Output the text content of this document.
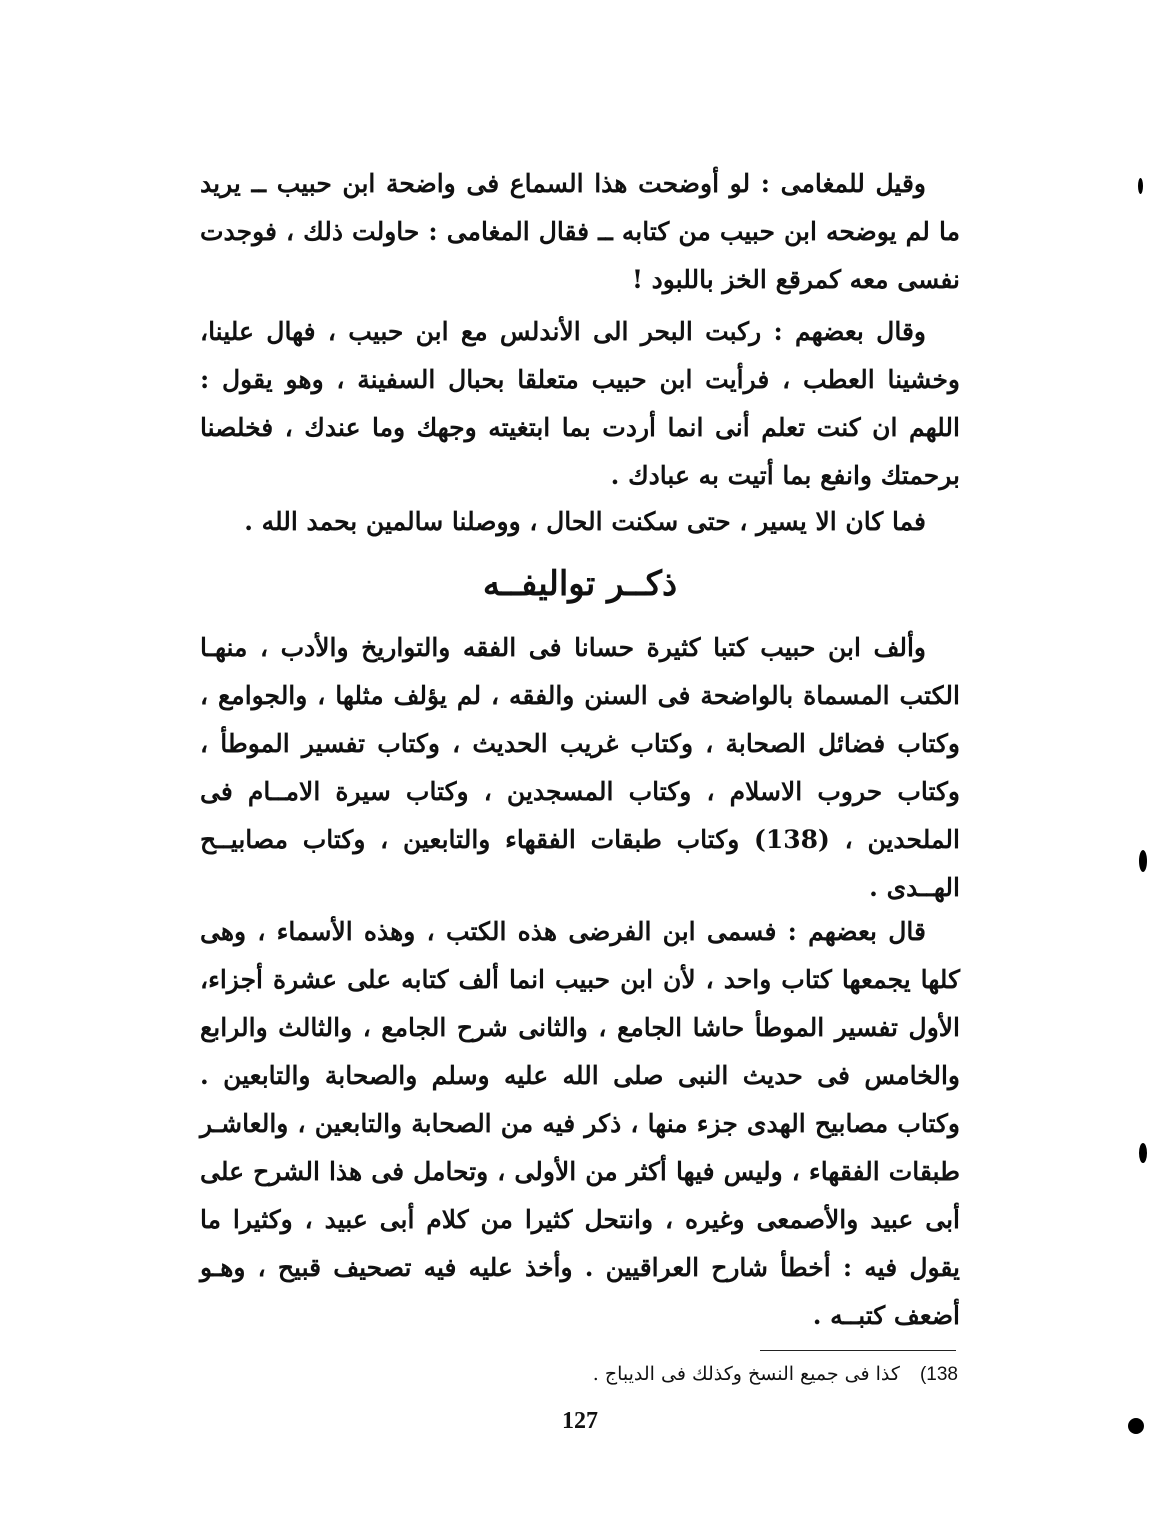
وقيل للمغامى : لو أوضحت هذا السماع فى واضحة ابن حبيب ــ يريد ما لم يوضحه ابن حبيب من كتابه ــ فقال المغامى : حاولت ذلك ، فوجدت نفسى معه كمرقع الخز باللبود !

وقال بعضهم : ركبت البحر الى الأندلس مع ابن حبيب ، فهال علينا، وخشينا العطب ، فرأيت ابن حبيب متعلقا بحبال السفينة ، وهو يقول : اللهم ان كنت تعلم أنى انما أردت بما ابتغيته وجهك وما عندك ، فخلصنا برحمتك وانفع بما أتيت به عبادك .

فما كان الا يسير ، حتى سكنت الحال ، ووصلنا سالمين بحمد الله .

ذكــر تواليفــه

وألف ابن حبيب كتبا كثيرة حسانا فى الفقه والتواريخ والأدب ، منهـا الكتب المسماة بالواضحة فى السنن والفقه ، لم يؤلف مثلها ، والجوامع ، وكتاب فضائل الصحابة ، وكتاب غريب الحديث ، وكتاب تفسير الموطأ ، وكتاب حروب الاسلام ، وكتاب المسجدين ، وكتاب سيرة الامــام فى الملحدين ، (138) وكتاب طبقات الفقهاء والتابعين ، وكتاب مصابيــح الهــدى .

قال بعضهم : فسمى ابن الفرضى هذه الكتب ، وهذه الأسماء ، وهى كلها يجمعها كتاب واحد ، لأن ابن حبيب انما ألف كتابه على عشرة أجزاء، الأول تفسير الموطأ حاشا الجامع ، والثانى شرح الجامع ، والثالث والرابع والخامس فى حديث النبى صلى الله عليه وسلم والصحابة والتابعين . وكتاب مصابيح الهدى جزء منها ، ذكر فيه من الصحابة والتابعين ، والعاشـر طبقات الفقهاء ، وليس فيها أكثر من الأولى ، وتحامل فى هذا الشرح على أبى عبيد والأصمعى وغيره ، وانتحل كثيرا من كلام أبى عبيد ، وكثيرا ما يقول فيه : أخطأ شارح العراقيين . وأخذ عليه فيه تصحيف قبيح ، وهـو أضعف كتبــه .

138) كذا فى جميع النسخ وكذلك فى الديباج .
127
